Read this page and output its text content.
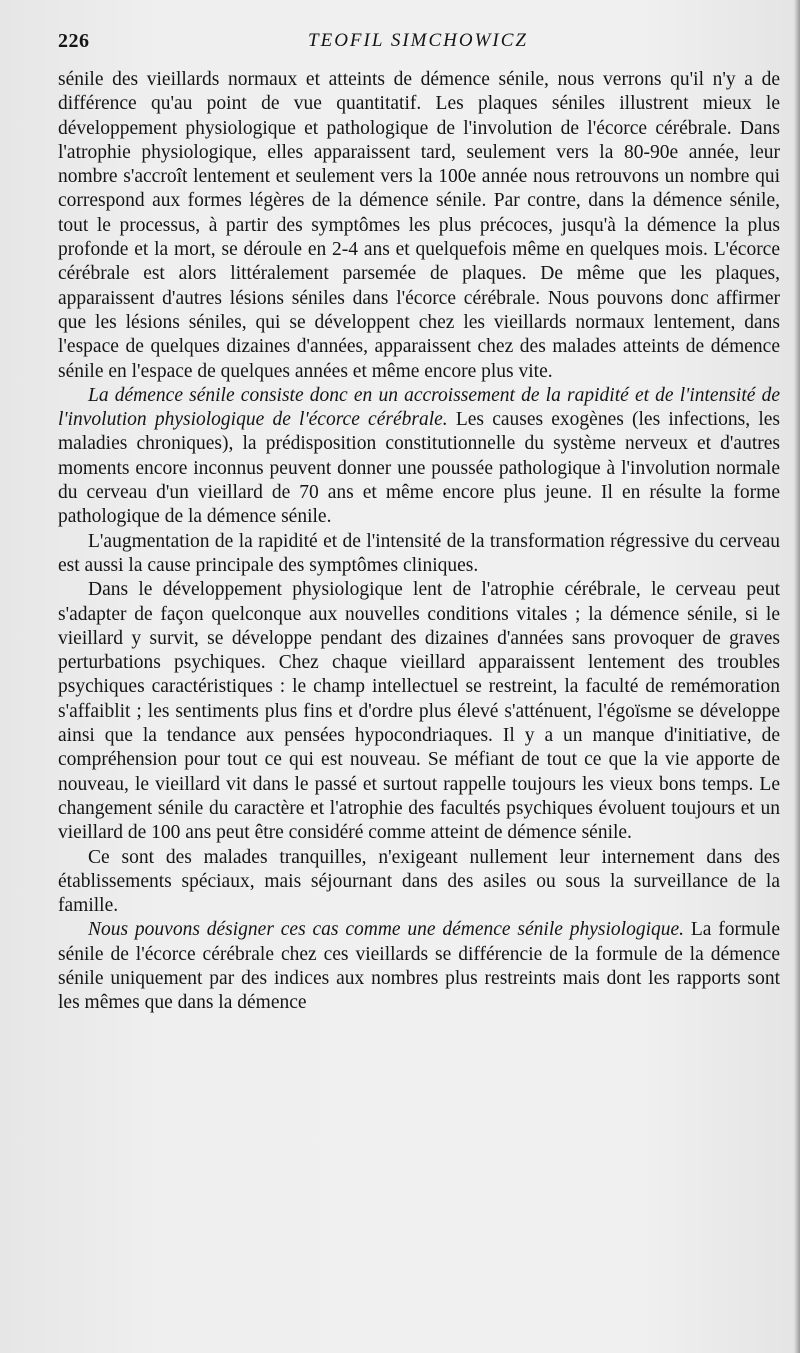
226	TEOFIL SIMCHOWICZ

sénile des vieillards normaux et atteints de démence sénile, nous verrons qu'il n'y a de différence qu'au point de vue quantitatif. Les plaques séniles illustrent mieux le développement physiologique et pathologique de l'involution de l'écorce cérébrale. Dans l'atrophie physiologique, elles apparaissent tard, seulement vers la 80-90e année, leur nombre s'accroît lentement et seulement vers la 100e année nous retrouvons un nombre qui correspond aux formes légères de la démence sénile. Par contre, dans la démence sénile, tout le processus, à partir des symptômes les plus précoces, jusqu'à la démence la plus profonde et la mort, se déroule en 2-4 ans et quelquefois même en quelques mois. L'écorce cérébrale est alors littéralement parsemée de plaques. De même que les plaques, apparaissent d'autres lésions séniles dans l'écorce cérébrale. Nous pouvons donc affirmer que les lésions séniles, qui se développent chez les vieillards normaux lentement, dans l'espace de quelques dizaines d'années, apparaissent chez des malades atteints de démence sénile en l'espace de quelques années et même encore plus vite.

La démence sénile consiste donc en un accroissement de la rapidité et de l'intensité de l'involution physiologique de l'écorce cérébrale. Les causes exogènes (les infections, les maladies chroniques), la prédisposition constitutionnelle du système nerveux et d'autres moments encore inconnus peuvent donner une poussée pathologique à l'involution normale du cerveau d'un vieillard de 70 ans et même encore plus jeune. Il en résulte la forme pathologique de la démence sénile.

L'augmentation de la rapidité et de l'intensité de la transformation régressive du cerveau est aussi la cause principale des symptômes cliniques.

Dans le développement physiologique lent de l'atrophie cérébrale, le cerveau peut s'adapter de façon quelconque aux nouvelles conditions vitales ; la démence sénile, si le vieillard y survit, se développe pendant des dizaines d'années sans provoquer de graves perturbations psychiques. Chez chaque vieillard apparaissent lentement des troubles psychiques caractéristiques : le champ intellectuel se restreint, la faculté de remémoration s'affaiblit ; les sentiments plus fins et d'ordre plus élevé s'atténuent, l'égoïsme se développe ainsi que la tendance aux pensées hypocondriaques. Il y a un manque d'initiative, de compréhension pour tout ce qui est nouveau. Se méfiant de tout ce que la vie apporte de nouveau, le vieillard vit dans le passé et surtout rappelle toujours les vieux bons temps. Le changement sénile du caractère et l'atrophie des facultés psychiques évoluent toujours et un vieillard de 100 ans peut être considéré comme atteint de démence sénile.

Ce sont des malades tranquilles, n'exigeant nullement leur internement dans des établissements spéciaux, mais séjournant dans des asiles ou sous la surveillance de la famille.

Nous pouvons désigner ces cas comme une démence sénile physiologique. La formule sénile de l'écorce cérébrale chez ces vieillards se différencie de la formule de la démence sénile uniquement par des indices aux nombres plus restreints mais dont les rapports sont les mêmes que dans la démence
